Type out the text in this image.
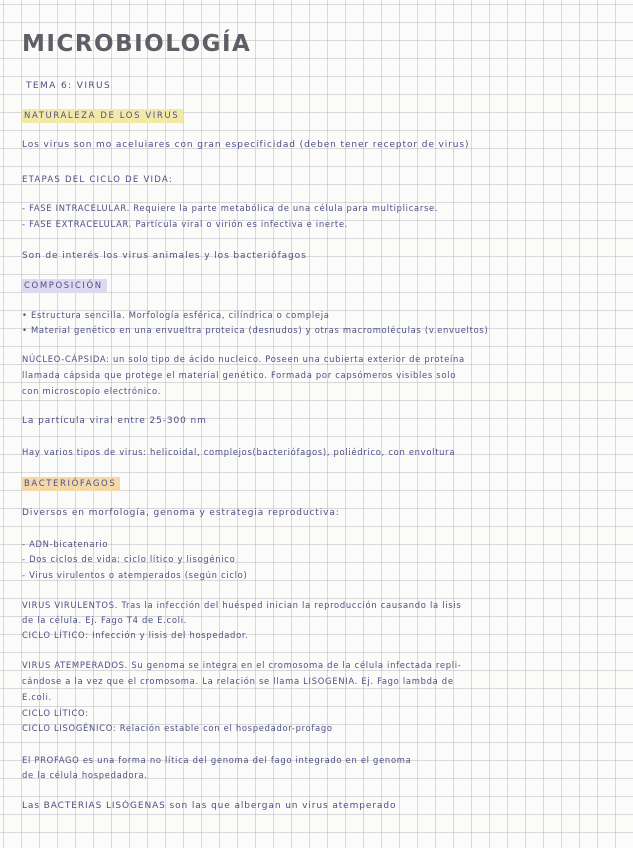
MICROBIOLOGÍA
TEMA 6: VIRUS
NATURALEZA DE LOS VIRUS
Los virus son mo aceluiares con gran especificidad (deben tener receptor de virus)
ETAPAS DEL CICLO DE VIDA:
- FASE INTRACELULAR. Requiere la parte metabólica de una célula para multiplicarse.
- FASE EXTRACELULAR. Partícula viral o virión es infectiva e inerte.
Son de interés los virus animales y los bacteriófagos
COMPOSICIÓN
• Estructura sencilla. Morfología esférica, cilíndrica o compleja
• Material genético en una envueltra proteica (desnudos) y otras macromoléculas (v.envueltos)
NÚCLEO-CÁPSIDA: un solo tipo de ácido nucleico. Poseen una cubierta exterior de proteína
llamada cápsida que protege el material genético. Formada por capsómeros visibles solo
con microscopio electrónico.
La partícula viral entre 25-300 nm
Hay varios tipos de virus: helicoidal, complejos(bacteriófagos), poliédrico, con envoltura
BACTERIÓFAGOS
Diversos en morfología, genoma y estrategia reproductiva:
- ADN-bicatenario
- Dos ciclos de vida: ciclo lítico y lisogénico
- Virus virulentos o atemperados (según ciclo)
VIRUS VIRULENTOS. Tras la infección del huésped inician la reproducción causando la lisis
de la célula. Ej. Fago T4 de E.coli.
CICLO LÍTICO: Infección y lisis del hospedador.
VIRUS ATEMPERADOS. Su genoma se integra en el cromosoma de la célula infectada repli-
cándose a la vez que el cromosoma. La relación se llama LISOGENIA. Ej. Fago lambda de
E.coli.
CICLO LÍTICO:
CICLO LISOGÉNICO: Relación estable con el hospedador-profago
El PROFAGO es una forma no lítica del genoma del fago integrado en el genoma
de la célula hospedadora.
Las BACTERIAS LISÓGENAS son las que albergan un virus atemperado
